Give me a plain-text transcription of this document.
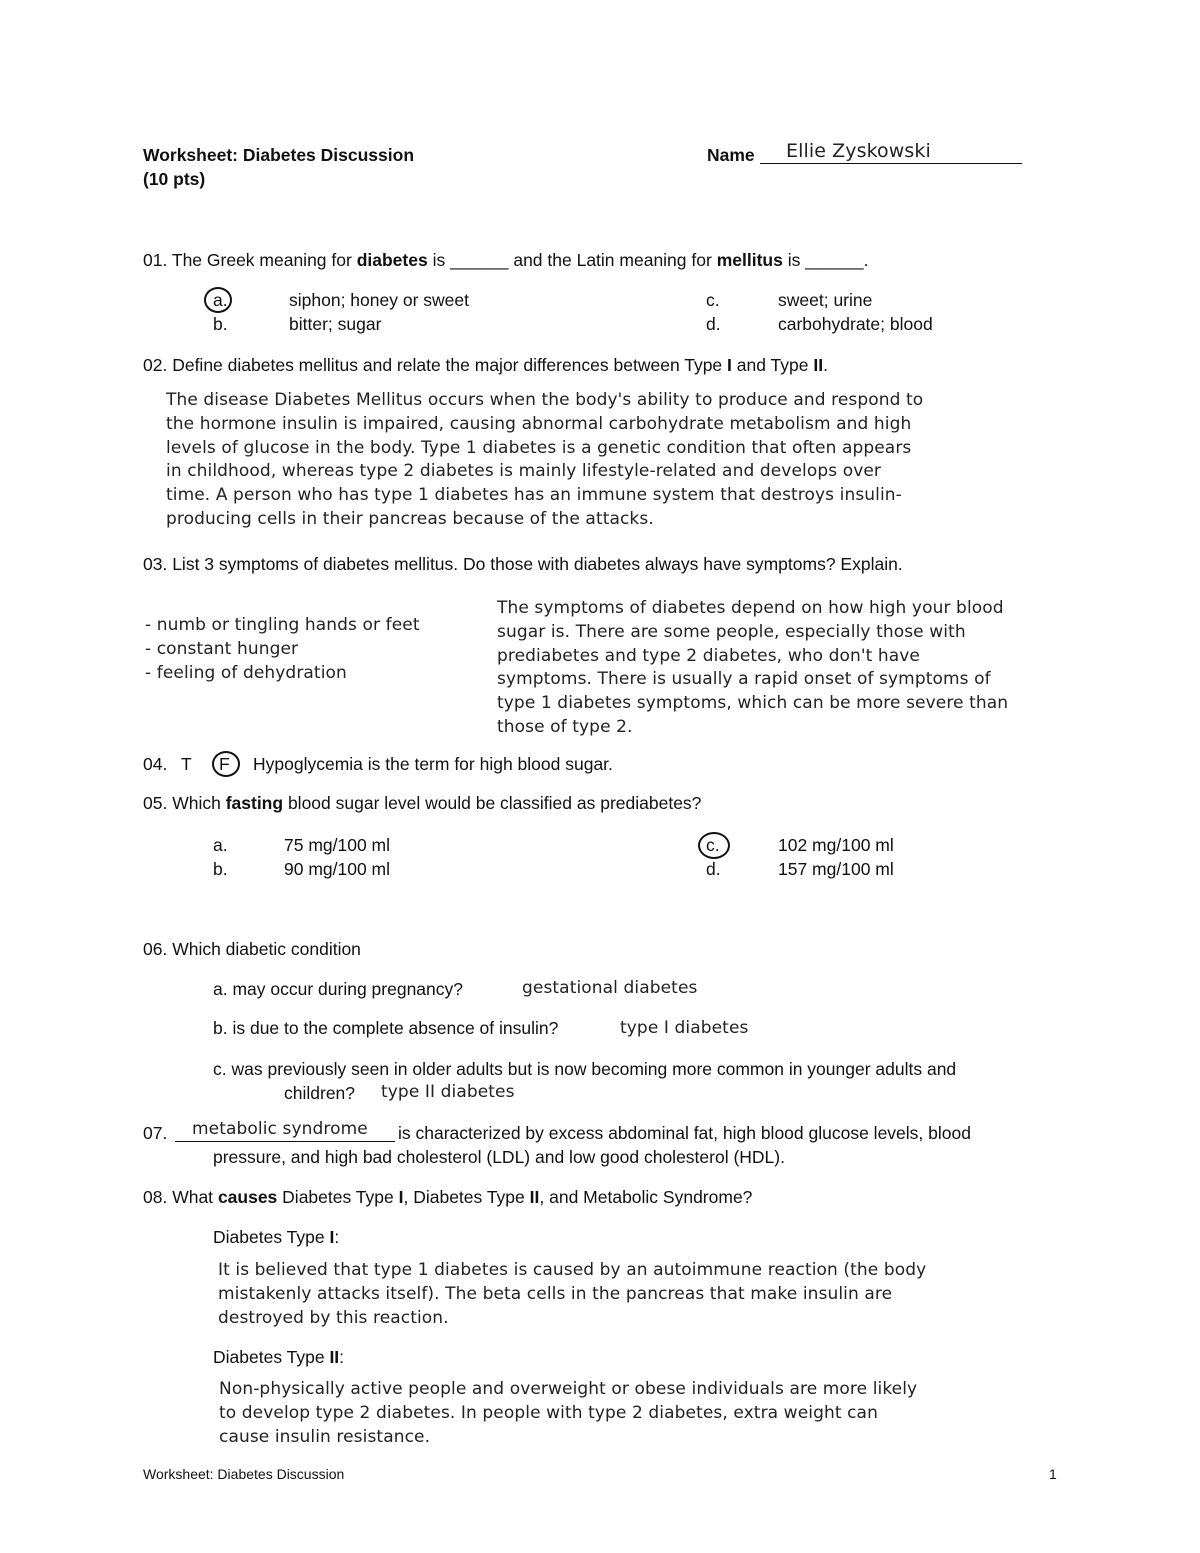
Worksheet: Diabetes Discussion
(10 pts)
Name Ellie Zyskowski
01. The Greek meaning for diabetes is ______ and the Latin meaning for mellitus is ______.
a.	siphon; honey or sweet
b.	bitter; sugar
c.	sweet; urine
d.	carbohydrate; blood
02. Define diabetes mellitus and relate the major differences between Type I and Type II.
The disease Diabetes Mellitus occurs when the body's ability to produce and respond to
the hormone insulin is impaired, causing abnormal carbohydrate metabolism and high
levels of glucose in the body. Type 1 diabetes is a genetic condition that often appears
in childhood, whereas type 2 diabetes is mainly lifestyle-related and develops over
time. A person who has type 1 diabetes has an immune system that destroys insulin-
producing cells in their pancreas because of the attacks.
03. List 3 symptoms of diabetes mellitus. Do those with diabetes always have symptoms? Explain.
- numb or tingling hands or feet
- constant hunger
- feeling of dehydration
The symptoms of diabetes depend on how high your blood
sugar is. There are some people, especially those with
prediabetes and type 2 diabetes, who don't have
symptoms. There is usually a rapid onset of symptoms of
type 1 diabetes symptoms, which can be more severe than
those of type 2.
04. T F Hypoglycemia is the term for high blood sugar.
05. Which fasting blood sugar level would be classified as prediabetes?
a.	75 mg/100 ml
b.	90 mg/100 ml
c.	102 mg/100 ml
d.	157 mg/100 ml
06. Which diabetic condition
a. may occur during pregnancy?	gestational diabetes
b. is due to the complete absence of insulin?	type I diabetes
c. was previously seen in older adults but is now becoming more common in younger adults and
children? type II diabetes
07. metabolic syndrome is characterized by excess abdominal fat, high blood glucose levels, blood
pressure, and high bad cholesterol (LDL) and low good cholesterol (HDL).
08. What causes Diabetes Type I, Diabetes Type II, and Metabolic Syndrome?
Diabetes Type I:
It is believed that type 1 diabetes is caused by an autoimmune reaction (the body
mistakenly attacks itself). The beta cells in the pancreas that make insulin are
destroyed by this reaction.
Diabetes Type II:
Non-physically active people and overweight or obese individuals are more likely
to develop type 2 diabetes. In people with type 2 diabetes, extra weight can
cause insulin resistance.
Worksheet: Diabetes Discussion	1
